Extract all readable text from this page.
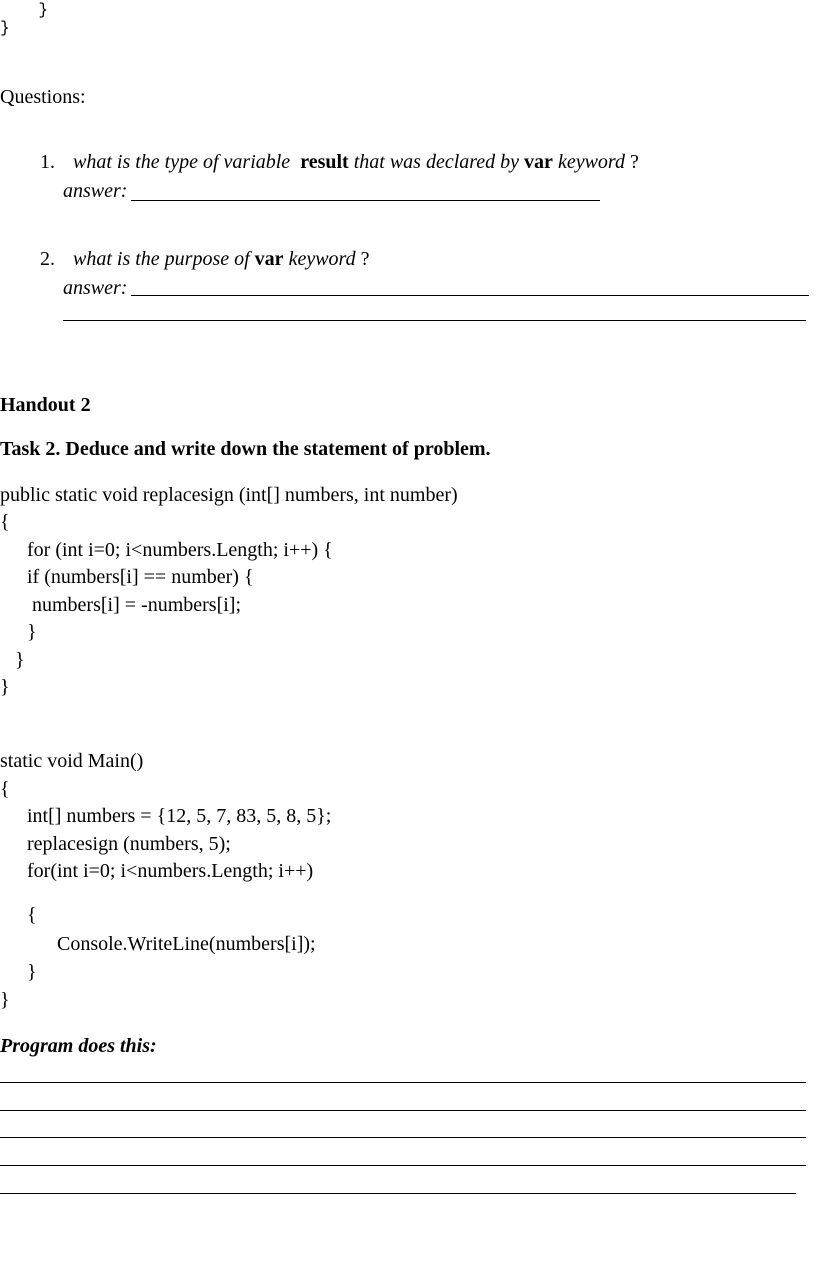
}
}
Questions:

1. what is the type of variable result that was declared by var keyword ?

answer:

2. what is the purpose of var keyword ?

answer:
Handout 2
Task 2. Deduce and write down the statement of problem.
public static void replacesign (int[] numbers, int number)
{
for (int i=0; i<numbers.Length; i++) {
if (numbers[i] == number) {
numbers[i] = -numbers[i];
}
}
}
static void Main()
{
int[] numbers = {12, 5, 7, 83, 5, 8, 5};
replacesign (numbers, 5);
for(int i=0; i<numbers.Length; i++)
{
Console.WriteLine(numbers[i]);
}
}
Program does this:
